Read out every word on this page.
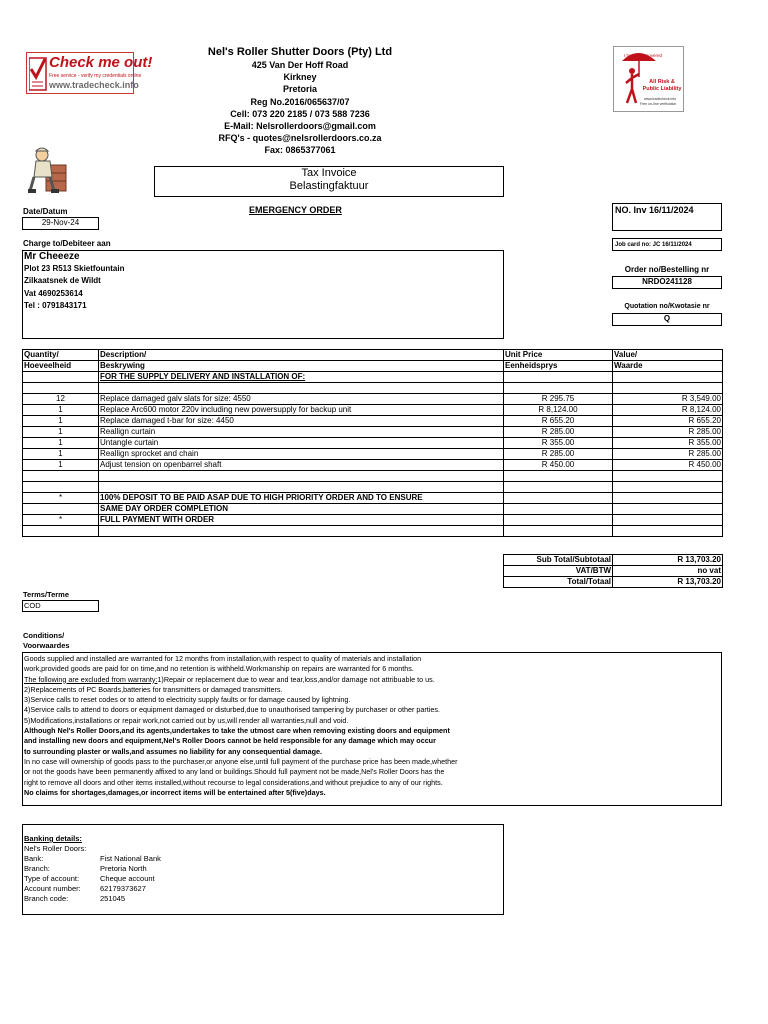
Check me out!
Free service - verify my credentials online
www.tradecheck.info
Nel's Roller Shutter Doors (Pty) Ltd
425 Van Der Hoff Road
Kirkney
Pretoria
Reg No.2016/065637/07
Cell: 073 220 2185 / 073 588 7236
E-Mail: Nelsrollerdoors@gmail.com
RFQ's - quotes@nelsrollerdoors.co.za
Fax: 0865377061
I have you covered
All Risk & Public Liability
www.tradecheck.info
Free on-line verification
Tax Invoice
Belastingfaktuur
Date/Datum
29-Nov-24
EMERGENCY ORDER	NO. Inv 16/11/2024
Job card no: JC 16/11/2024
Charge to/Debiteer aan
Mr Cheeeze
Plot 23 R513 Skietfountain
Zilkaatsnek de Wildt
Vat 4690253614
Tel : 0791843171
Order no/Bestelling nr
NRDO241128
Quotation no/Kwotasie nr
Q
Quantity/	Description/	Unit Price	Value/
Hoeveelheid	Beskrywing	Eenheidsprys	Waarde
	FOR THE SUPPLY DELIVERY AND INSTALLATION OF:		

12	Replace damaged galv slats for size: 4550	R 295.75	R 3,549.00
1	Replace Arc600 motor 220v including new powersupply for backup unit	R 8,124.00	R 8,124.00
1	Replace damaged t-bar for size: 4450	R 655.20	R 655.20
1	Reallign curtain	R 285.00	R 285.00
1	Untangle curtain	R 355.00	R 355.00
1	Reallign sprocket and chain	R 285.00	R 285.00
1	Adjust tension on openbarrel shaft	R 450.00	R 450.00

*	100% DEPOSIT TO BE PAID ASAP DUE TO HIGH PRIORITY ORDER AND TO ENSURE		
	SAME DAY ORDER COMPLETION		
*	FULL PAYMENT WITH ORDER		

Sub Total/Subtotaal	R 13,703.20
VAT/BTW	no vat
Total/Totaal	R 13,703.20
Terms/Terme
COD
Conditions/
Voorwaardes

Goods supplied and installed are warranted for 12 months from installation,with respect to quality of materials and installation

work,provided goods are paid for on time,and no retention is withheld.Workmanship on repairs are warranted for 6 months.

The following are excluded from warranty:1)Repair or replacement due to wear and tear,loss,and/or damage not attribuable to us.

2)Replacements of PC Boards,batteries for transmitters or damaged transmitters.

3)Service calls to reset codes or to attend to electricity supply faults or for damage caused by lightning.

4)Service calls to attend to doors or equipment damaged or disturbed,due to unauthorised tampering by purchaser or other parties.

5)Modifications,installations or repair work,not carried out by us,will render all warranties,null and void.

Although Nel's Roller Doors,and its agents,undertakes to take the utmost care when removing existing doors and equipment

and installing new doors and equipment,Nel's Roller Doors cannot be held responsible for any damage which may occur

to surrounding plaster or walls,and assumes no liability for any consequential damage.

In no case will ownership of goods pass to the purchaser,or anyone else,until full payment of the purchase price has been made,whether

or not the goods have been permanently affixed to any land or buildings.Should full payment not be made,Nel's Roller Doors has the

right to remove all doors and other items installed,without recourse to legal considerations,and without prejudice to any of our rights.

No claims for shortages,damages,or incorrect items will be entertained after 5(five)days.

Banking details:
Nel's Roller Doors:
Bank:	Fist National Bank
Branch:	Pretoria North
Type of account:	Cheque account
Account number:	62179373627
Branch code:	251045
